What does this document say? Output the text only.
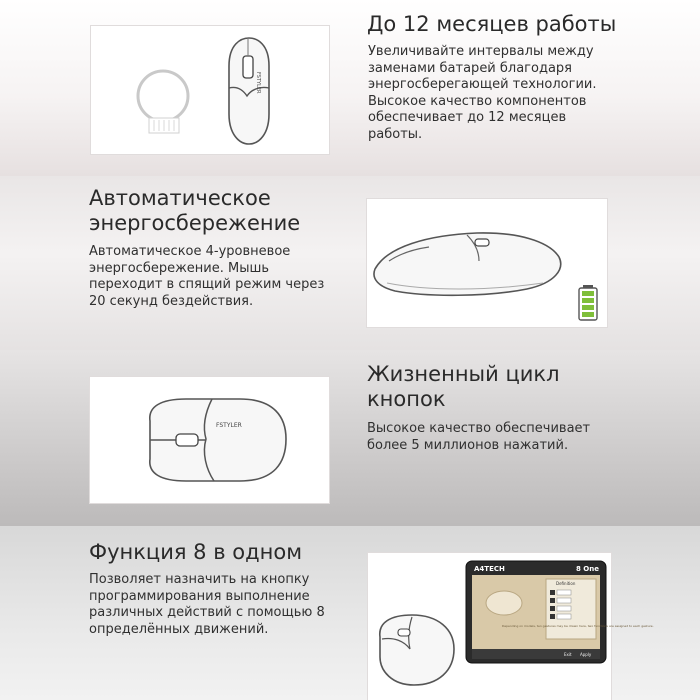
FSTYLER
До 12 месяцев работы

Увеличивайте интервалы между заменами батарей благодаря энергосберегающей технологии. Высокое качество компонентов обеспечивает до 12 месяцев работы.

Автоматическое энергосбережение

Автоматическое 4-уровневое энергосбережение. Мышь переходит в спящий режим через 20 секунд бездействия.

FSTYLER
Жизненный цикл кнопок

Высокое качество обеспечивает более 5 миллионов нажатий.

Функция 8 в одном

Позволяет назначить на кнопку программирования выполнение различных действий с помощью 8 определённых движений.

A4TECH	8 One
Definition
Depending on models, ten gestures may be drawn here, two functions are assigned to each gesture.
Exit Apply
